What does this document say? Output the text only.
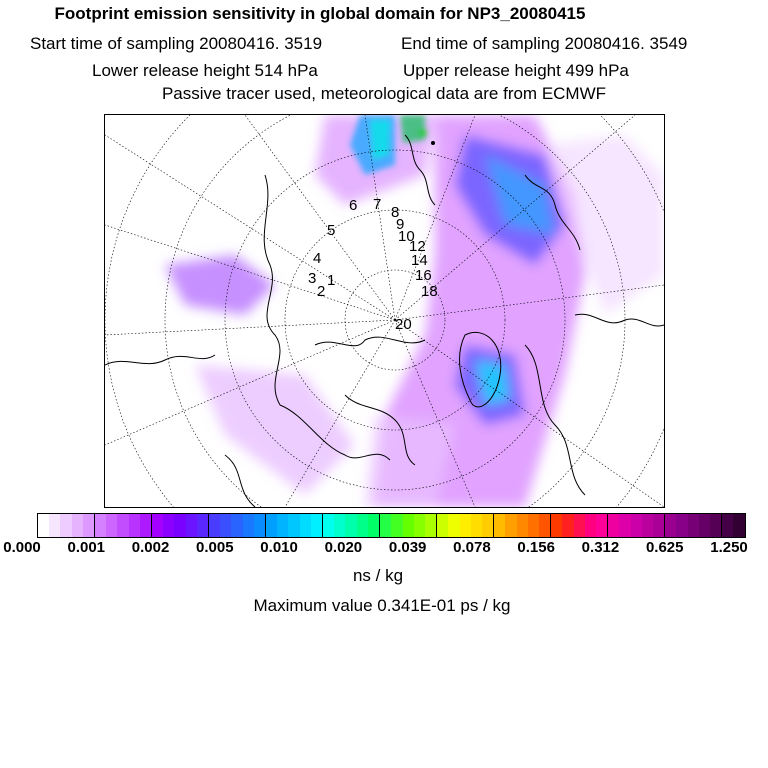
Footprint emission sensitivity in global domain for NP3_20080415
Start time of sampling 20080416. 3519	End time of sampling 20080416. 3549
Lower release height 514 hPa	Upper release height 499 hPa
Passive tracer used, meteorological data are from ECMWF
1
2
3
4
5
6 7 8
9
10
12
14
16
18
20
0.000 0.001 0.002 0.005 0.010 0.020 0.039 0.078 0.156 0.312 0.625 1.250
ns / kg
Maximum value 0.341E-01 ps / kg
